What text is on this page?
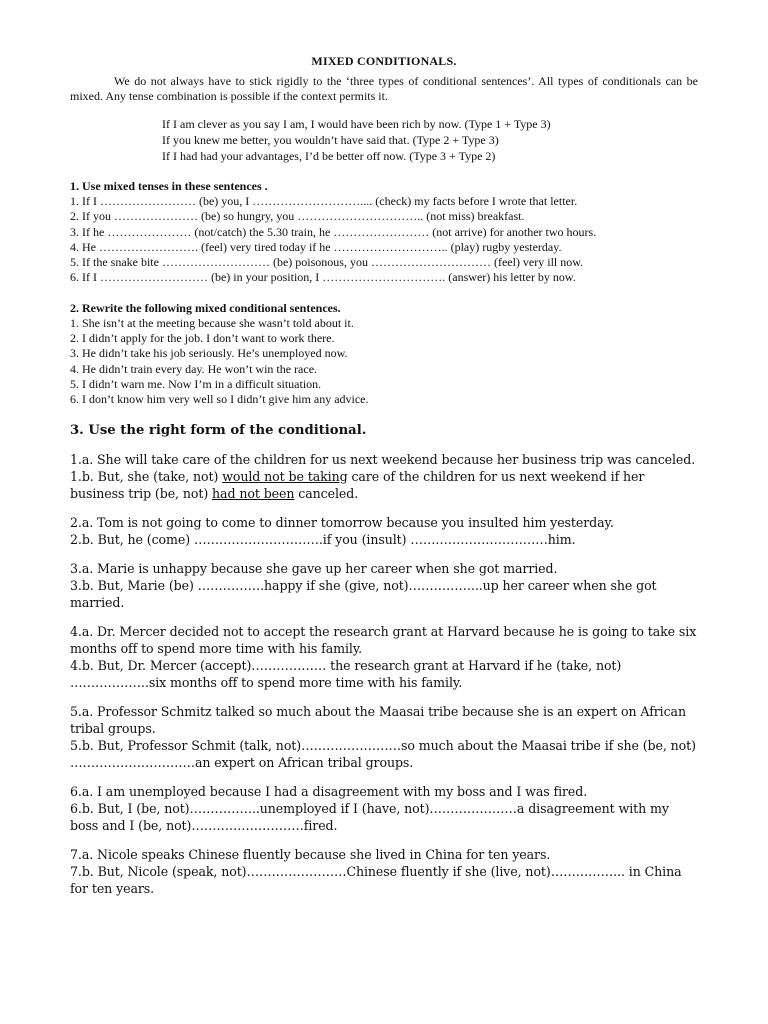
MIXED CONDITIONALS.

We do not always have to stick rigidly to the ‘three types of conditional sentences’. All types of conditionals can be mixed. Any tense combination is possible if the context permits it.

If I am clever as you say I am, I would have been rich by now. (Type 1 + Type 3)
If you knew me better, you wouldn’t have said that. (Type 2 + Type 3)
If I had had your advantages, I’d be better off now. (Type 3 + Type 2)
1. Use mixed tenses in these sentences .
1. If I …………………… (be) you, I ……………………….... (check) my facts before I wrote that letter.
2. If you ………………… (be) so hungry, you ………………………….. (not miss) breakfast.
3. If he ………………… (not/catch) the 5.30 train, he …………………… (not arrive) for another two hours.
4. He ……………………. (feel) very tired today if he ……………………….. (play) rugby yesterday.
5. If the snake bite ……………………… (be) poisonous, you ………………………… (feel) very ill now.
6. If I ……………………… (be) in your position, I …………………………. (answer) his letter by now.
2. Rewrite the following mixed conditional sentences.
1. She isn’t at the meeting because she wasn’t told about it.
2. I didn’t apply for the job. I don’t want to work there.
3. He didn’t take his job seriously. He’s unemployed now.
4. He didn’t train every day. He won’t win the race.
5. I didn’t warn me. Now I’m in a difficult situation.
6. I don’t know him very well so I didn’t give him any advice.
3. Use the right form of the conditional.

1.a. She will take care of the children for us next weekend because her business trip was canceled.

1.b. But, she (take, not) would not be taking care of the children for us next weekend if her business trip (be, not) had not been canceled.

2.a. Tom is not going to come to dinner tomorrow because you insulted him yesterday.

2.b. But, he (come) ………………………….if you (insult) ……………………………him.

3.a. Marie is unhappy because she gave up her career when she got married.

3.b. But, Marie (be) …………….happy if she (give, not)……………...up her career when she got married.

4.a. Dr. Mercer decided not to accept the research grant at Harvard because he is going to take six months off to spend more time with his family.

4.b. But, Dr. Mercer (accept)……………… the research grant at Harvard if he (take, not) ……………….six months off to spend more time with his family.

5.a. Professor Schmitz talked so much about the Maasai tribe because she is an expert on African tribal groups.

5.b. But, Professor Schmit (talk, not)……………………so much about the Maasai tribe if she (be, not) …………………………an expert on African tribal groups.

6.a. I am unemployed because I had a disagreement with my boss and I was fired.

6.b. But, I (be, not)……………..unemployed if I (have, not)…………………a disagreement with my boss and I (be, not)………………………fired.

7.a. Nicole speaks Chinese fluently because she lived in China for ten years.

7.b. But, Nicole (speak, not)……………………Chinese fluently if she (live, not)……………... in China for ten years.
